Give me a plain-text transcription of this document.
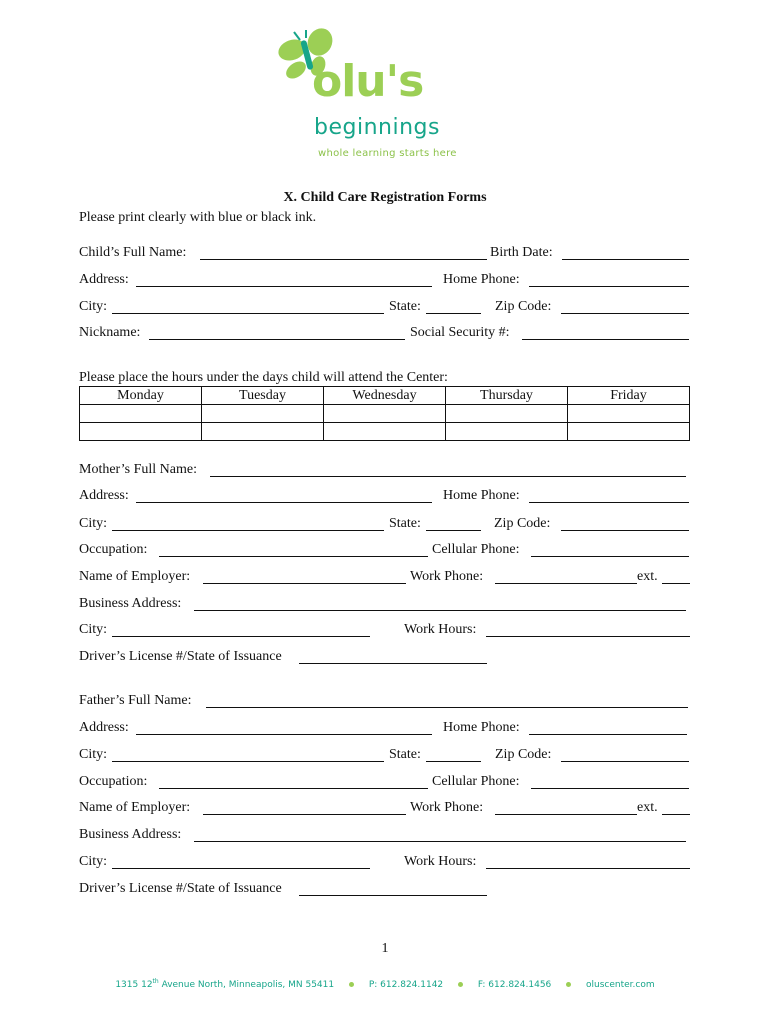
olu's
beginnings
whole learning starts here
X. Child Care Registration Forms
Please print clearly with blue or black ink.
Child’s Full Name:	Birth Date:
Address:	Home Phone:
City:	State:	Zip Code:
Nickname:	Social Security #:
Please place the hours under the days child will attend the Center:
Monday	Tuesday	Wednesday	Thursday	Friday

Mother’s Full Name:
Address:	Home Phone:
City:	State:	Zip Code:
Occupation:	Cellular Phone:
Name of Employer:	Work Phone:	ext.
Business Address:
City:	Work Hours:
Driver’s License #/State of Issuance
Father’s Full Name:
Address:	Home Phone:
City:	State:	Zip Code:
Occupation:	Cellular Phone:
Name of Employer:	Work Phone:	ext.
Business Address:
City:	Work Hours:
Driver’s License #/State of Issuance
1
1315 12th Avenue North, Minneapolis, MN 55411	P: 612.824.1142	F: 612.824.1456	oluscenter.com
